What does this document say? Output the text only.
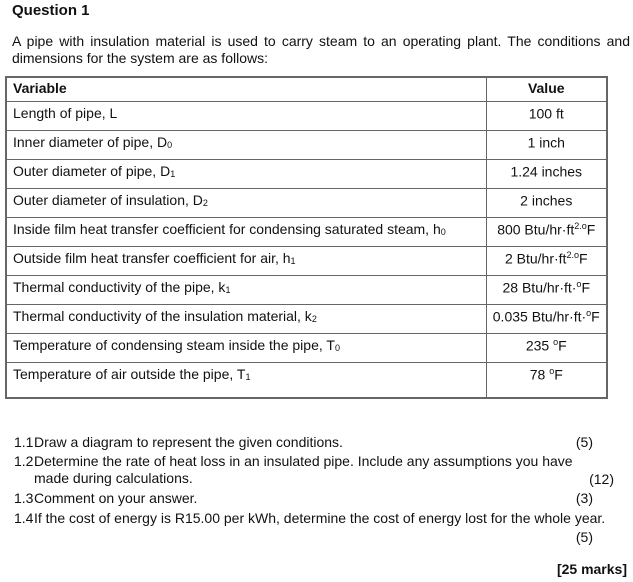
Question 1
A pipe with insulation material is used to carry steam to an operating plant. The conditions and dimensions for the system are as follows:
Variable	Value
Length of pipe, L	100 ft
Inner diameter of pipe, $D_0$	1 inch
Outer diameter of pipe, $D_1$	1.24 inches
Outer diameter of insulation, $D_2$	2 inches
Inside film heat transfer coefficient for condensing saturated steam, $h_0$	800 Btu/$hr\cdot ft^{2.o}F$
Outside film heat transfer coefficient for air, $h_1$	2 Btu/$hr\cdot ft^{2.o}F$
Thermal conductivity of the pipe, $k_1$	28 Btu/hr·ft·$^o$F
Thermal conductivity of the insulation material, $k_2$	0.035 Btu/hr·ft·$^o$F
Temperature of condensing steam inside the pipe, $T_0$	235 $^o$F
Temperature of air outside the pipe, $T_1$	78 $^o$F
1.1Draw a diagram to represent the given conditions.	(5)
1.2Determine the rate of heat loss in an insulated pipe. Include any assumptions you have
made during calculations.	(12)
1.3Comment on your answer.	(3)
1.4If the cost of energy is R15.00 per kWh, determine the cost of energy lost for the whole year.
(5)
[25 marks]
